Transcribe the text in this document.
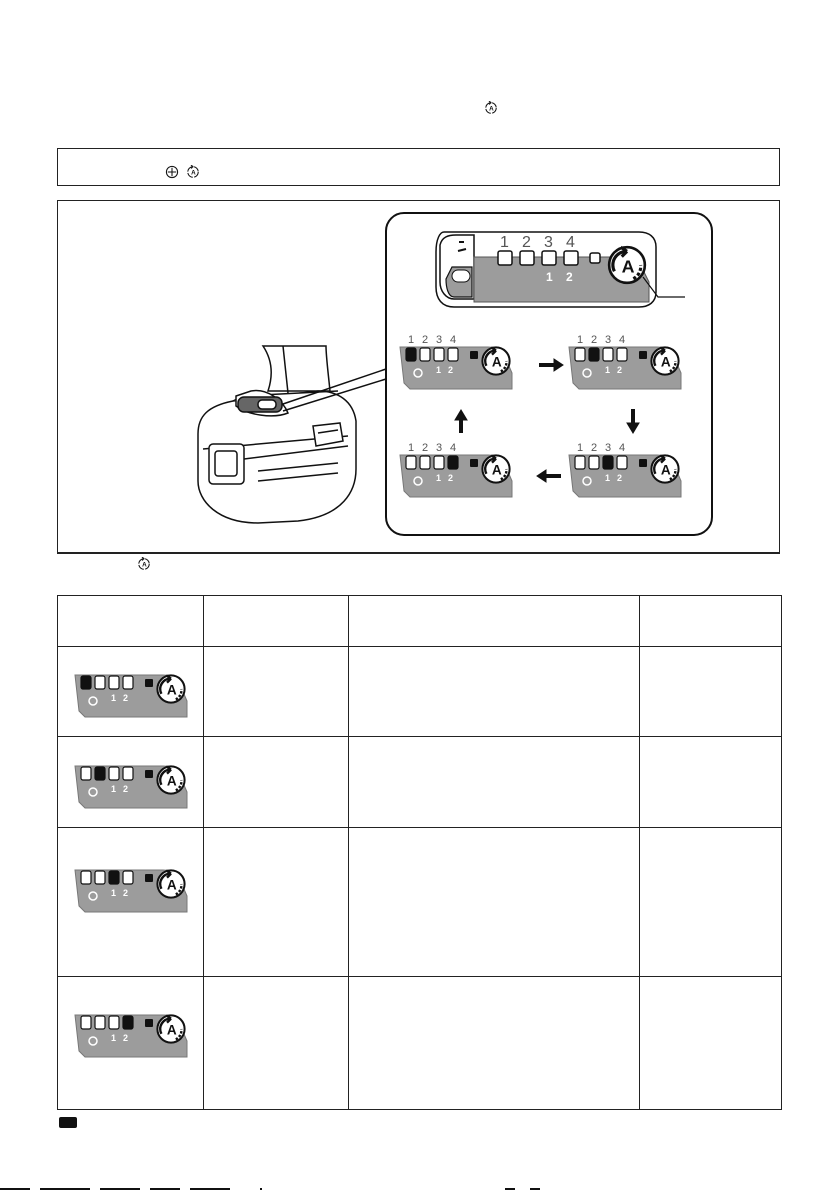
1 2 3 4
1 2
1 2 3 4
1 2
1 2 3 4
1 2
1 2 3 4
1 2
1 2 3 4
1 2

1 2			

1 2			

1 2			

1 2			
